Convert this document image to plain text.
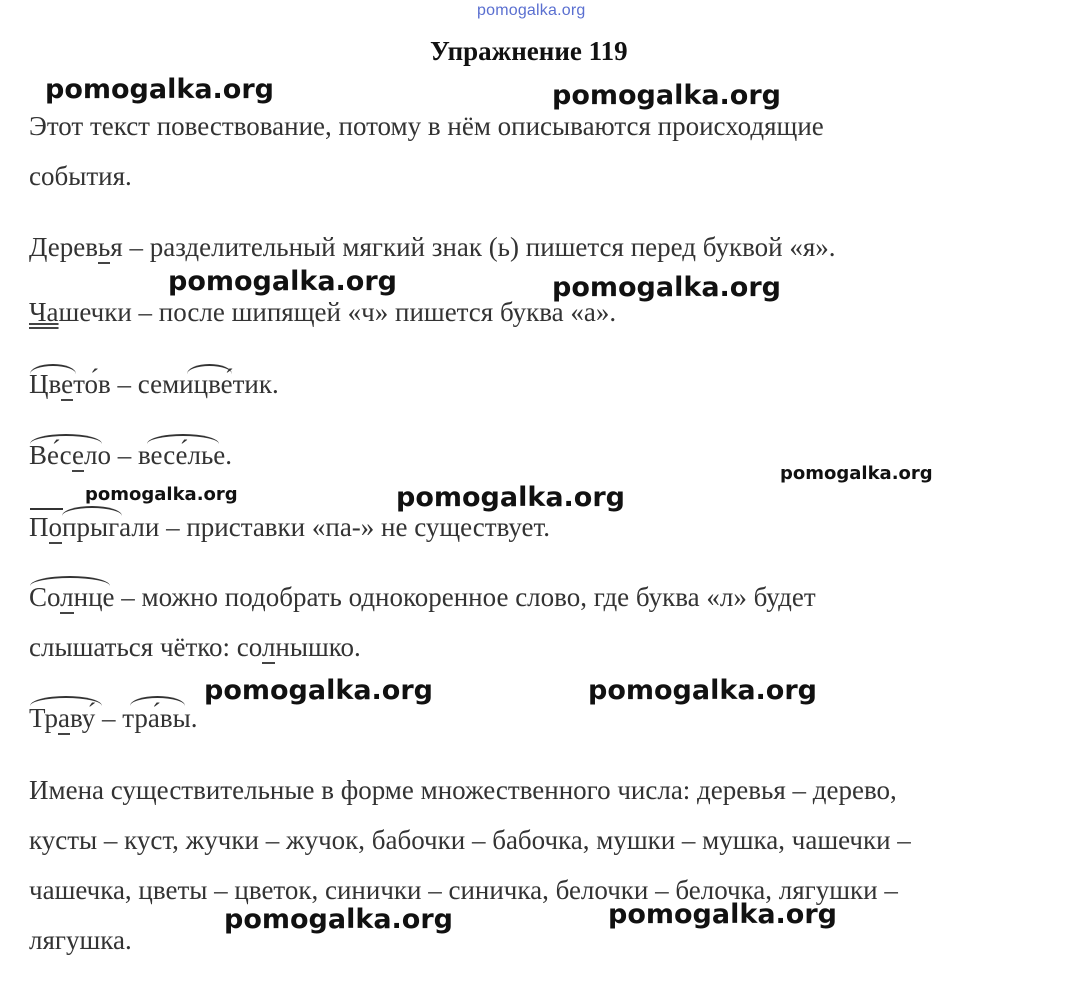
pomogalka.org
Упражнение 119
pomogalka.org	pomogalka.org
pomogalka.org	pomogalka.org
pomogalka.org
pomogalka.org	pomogalka.org
pomogalka.org	pomogalka.org
pomogalka.org	pomogalka.org
Этот текст повествование, потому в нём описываются происходящие
события.
Деревья – разделительный мягкий знак (ь) пишется перед буквой «я».
Чашечки – после шипящей «ч» пишется буква «а».
Цвето́в – семицве́тик.
Ве́село – весе́лье.
Попрыгали – приставки «па-» не существует.
Солнце – можно подобрать однокоренное слово, где буква «л» будет
слышаться чётко: солнышко.
Траву́ – тра́вы.
Имена существительные в форме множественного числа: деревья – дерево,
кусты – куст, жучки – жучок, бабочки – бабочка, мушки – мушка, чашечки –
чашечка, цветы – цветок, синички – синичка, белочки – белочка, лягушки –
лягушка.
